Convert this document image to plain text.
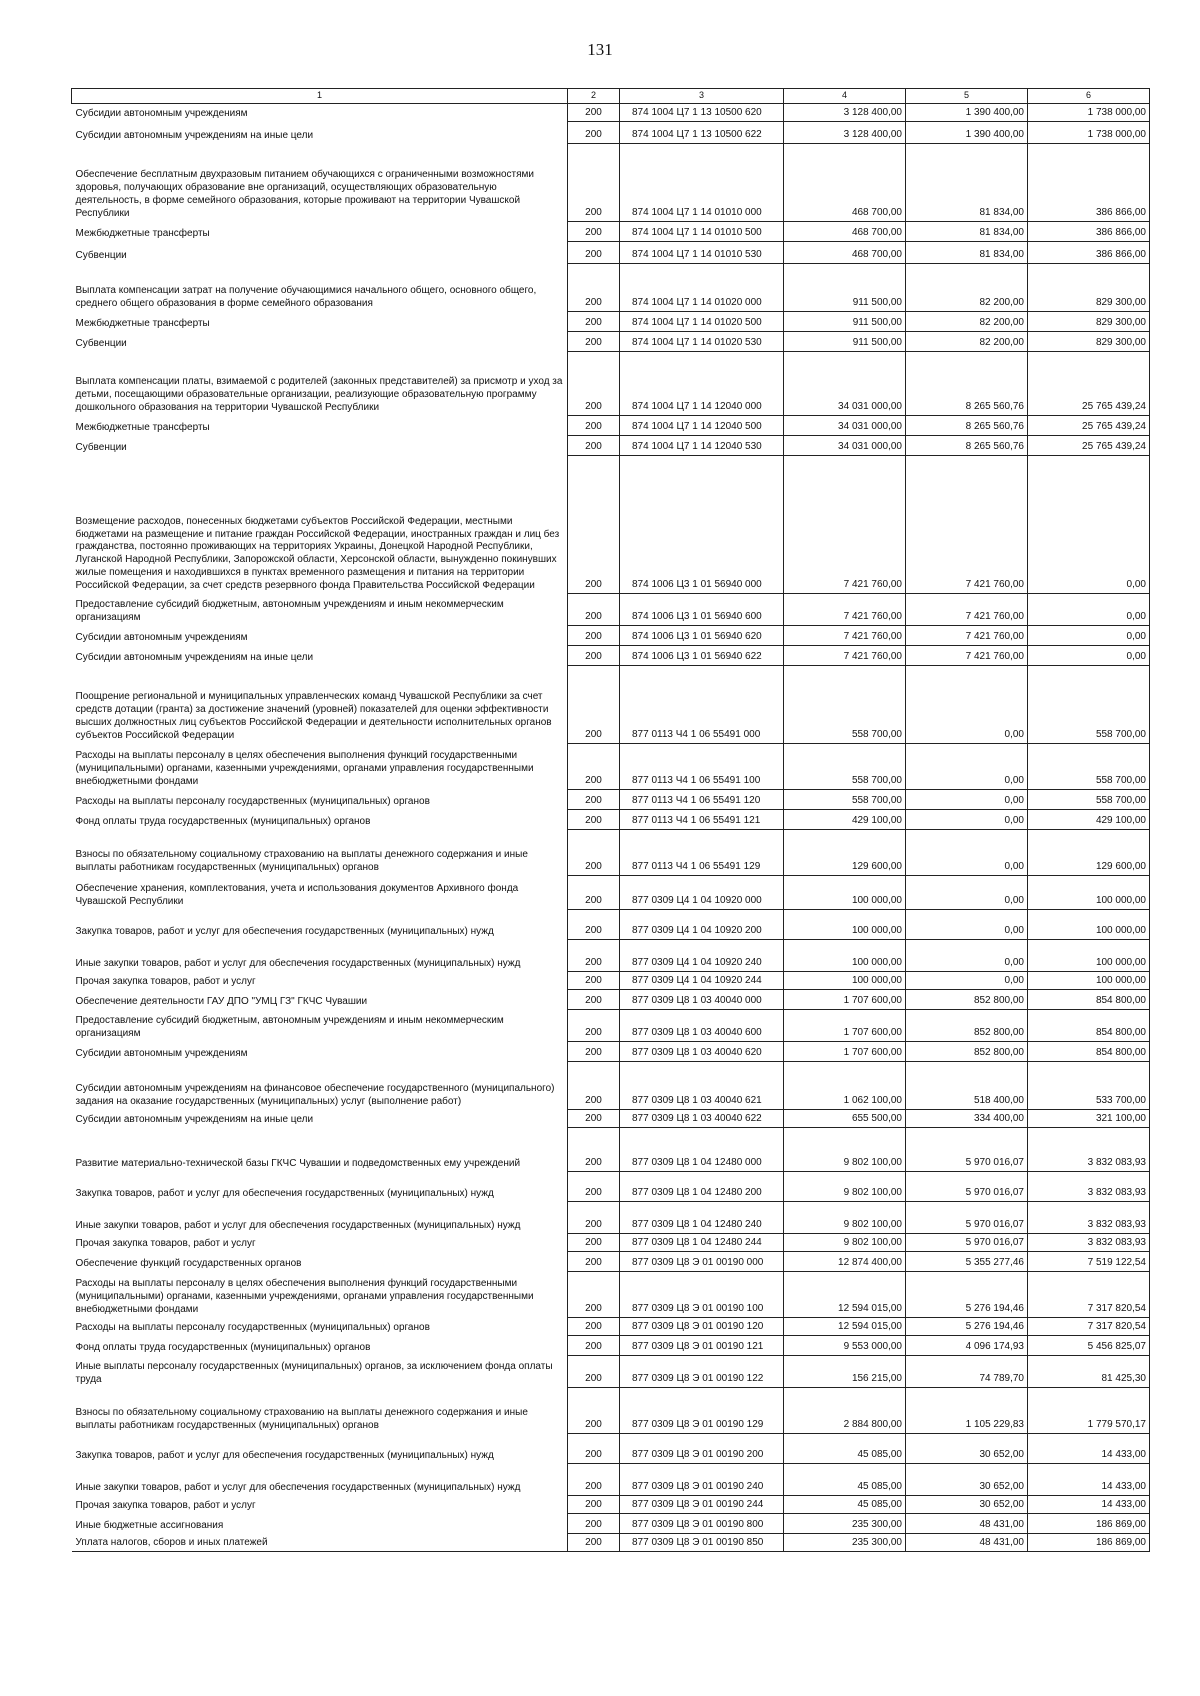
131
1	2	3	4	5	6
Субсидии автономным учреждениям	200	874 1004 Ц7 1 13 10500 620	3 128 400,00	1 390 400,00	1 738 000,00
Субсидии автономным учреждениям на иные цели	200	874 1004 Ц7 1 13 10500 622	3 128 400,00	1 390 400,00	1 738 000,00
Обеспечение бесплатным двухразовым питанием обучающихся с ограниченными возможностями здоровья, получающих образование вне организаций, осуществляющих образовательную деятельность, в форме семейного образования, которые проживают на территории Чувашской Республики	200	874 1004 Ц7 1 14 01010 000	468 700,00	81 834,00	386 866,00
Межбюджетные трансферты	200	874 1004 Ц7 1 14 01010 500	468 700,00	81 834,00	386 866,00
Субвенции	200	874 1004 Ц7 1 14 01010 530	468 700,00	81 834,00	386 866,00
Выплата компенсации затрат на получение обучающимися начального общего, основного общего, среднего общего образования в форме семейного образования	200	874 1004 Ц7 1 14 01020 000	911 500,00	82 200,00	829 300,00
Межбюджетные трансферты	200	874 1004 Ц7 1 14 01020 500	911 500,00	82 200,00	829 300,00
Субвенции	200	874 1004 Ц7 1 14 01020 530	911 500,00	82 200,00	829 300,00
Выплата компенсации платы, взимаемой с родителей (законных представителей) за присмотр и уход за детьми, посещающими образовательные организации, реализующие образовательную программу дошкольного образования на территории Чувашской Республики	200	874 1004 Ц7 1 14 12040 000	34 031 000,00	8 265 560,76	25 765 439,24
Межбюджетные трансферты	200	874 1004 Ц7 1 14 12040 500	34 031 000,00	8 265 560,76	25 765 439,24
Субвенции	200	874 1004 Ц7 1 14 12040 530	34 031 000,00	8 265 560,76	25 765 439,24
Возмещение расходов, понесенных бюджетами субъектов Российской Федерации, местными бюджетами на размещение и питание граждан Российской Федерации, иностранных граждан и лиц без гражданства, постоянно проживающих на территориях Украины, Донецкой Народной Республики, Луганской Народной Республики, Запорожской области, Херсонской области, вынужденно покинувших жилые помещения и находившихся в пунктах временного размещения и питания на территории Российской Федерации, за счет средств резервного фонда Правительства Российской Федерации	200	874 1006 Ц3 1 01 56940 000	7 421 760,00	7 421 760,00	0,00
Предоставление субсидий бюджетным, автономным учреждениям и иным некоммерческим организациям	200	874 1006 Ц3 1 01 56940 600	7 421 760,00	7 421 760,00	0,00
Субсидии автономным учреждениям	200	874 1006 Ц3 1 01 56940 620	7 421 760,00	7 421 760,00	0,00
Субсидии автономным учреждениям на иные цели	200	874 1006 Ц3 1 01 56940 622	7 421 760,00	7 421 760,00	0,00
Поощрение региональной и муниципальных управленческих команд Чувашской Республики за счет средств дотации (гранта) за достижение значений (уровней) показателей для оценки эффективности высших должностных лиц субъектов Российской Федерации и деятельности исполнительных органов субъектов Российской Федерации	200	877 0113 Ч4 1 06 55491 000	558 700,00	0,00	558 700,00
Расходы на выплаты персоналу в целях обеспечения выполнения функций государственными (муниципальными) органами, казенными учреждениями, органами управления государственными внебюджетными фондами	200	877 0113 Ч4 1 06 55491 100	558 700,00	0,00	558 700,00
Расходы на выплаты персоналу государственных (муниципальных) органов	200	877 0113 Ч4 1 06 55491 120	558 700,00	0,00	558 700,00
Фонд оплаты труда государственных (муниципальных) органов	200	877 0113 Ч4 1 06 55491 121	429 100,00	0,00	429 100,00
Взносы по обязательному социальному страхованию на выплаты денежного содержания и иные выплаты работникам государственных (муниципальных) органов	200	877 0113 Ч4 1 06 55491 129	129 600,00	0,00	129 600,00
Обеспечение хранения, комплектования, учета и использования документов Архивного фонда Чувашской Республики	200	877 0309 Ц4 1 04 10920 000	100 000,00	0,00	100 000,00
Закупка товаров, работ и услуг для обеспечения государственных (муниципальных) нужд	200	877 0309 Ц4 1 04 10920 200	100 000,00	0,00	100 000,00
Иные закупки товаров, работ и услуг для обеспечения государственных (муниципальных) нужд	200	877 0309 Ц4 1 04 10920 240	100 000,00	0,00	100 000,00
Прочая закупка товаров, работ и услуг	200	877 0309 Ц4 1 04 10920 244	100 000,00	0,00	100 000,00
Обеспечение деятельности ГАУ ДПО "УМЦ ГЗ" ГКЧС Чувашии	200	877 0309 Ц8 1 03 40040 000	1 707 600,00	852 800,00	854 800,00
Предоставление субсидий бюджетным, автономным учреждениям и иным некоммерческим организациям	200	877 0309 Ц8 1 03 40040 600	1 707 600,00	852 800,00	854 800,00
Субсидии автономным учреждениям	200	877 0309 Ц8 1 03 40040 620	1 707 600,00	852 800,00	854 800,00
Субсидии автономным учреждениям на финансовое обеспечение государственного (муниципального) задания на оказание государственных (муниципальных) услуг (выполнение работ)	200	877 0309 Ц8 1 03 40040 621	1 062 100,00	518 400,00	533 700,00
Субсидии автономным учреждениям на иные цели	200	877 0309 Ц8 1 03 40040 622	655 500,00	334 400,00	321 100,00
Развитие материально-технической базы ГКЧС Чувашии и подведомственных ему учреждений	200	877 0309 Ц8 1 04 12480 000	9 802 100,00	5 970 016,07	3 832 083,93
Закупка товаров, работ и услуг для обеспечения государственных (муниципальных) нужд	200	877 0309 Ц8 1 04 12480 200	9 802 100,00	5 970 016,07	3 832 083,93
Иные закупки товаров, работ и услуг для обеспечения государственных (муниципальных) нужд	200	877 0309 Ц8 1 04 12480 240	9 802 100,00	5 970 016,07	3 832 083,93
Прочая закупка товаров, работ и услуг	200	877 0309 Ц8 1 04 12480 244	9 802 100,00	5 970 016,07	3 832 083,93
Обеспечение функций государственных органов	200	877 0309 Ц8 Э 01 00190 000	12 874 400,00	5 355 277,46	7 519 122,54
Расходы на выплаты персоналу в целях обеспечения выполнения функций государственными (муниципальными) органами, казенными учреждениями, органами управления государственными внебюджетными фондами	200	877 0309 Ц8 Э 01 00190 100	12 594 015,00	5 276 194,46	7 317 820,54
Расходы на выплаты персоналу государственных (муниципальных) органов	200	877 0309 Ц8 Э 01 00190 120	12 594 015,00	5 276 194,46	7 317 820,54
Фонд оплаты труда государственных (муниципальных) органов	200	877 0309 Ц8 Э 01 00190 121	9 553 000,00	4 096 174,93	5 456 825,07
Иные выплаты персоналу государственных (муниципальных) органов, за исключением фонда оплаты труда	200	877 0309 Ц8 Э 01 00190 122	156 215,00	74 789,70	81 425,30
Взносы по обязательному социальному страхованию на выплаты денежного содержания и иные выплаты работникам государственных (муниципальных) органов	200	877 0309 Ц8 Э 01 00190 129	2 884 800,00	1 105 229,83	1 779 570,17
Закупка товаров, работ и услуг для обеспечения государственных (муниципальных) нужд	200	877 0309 Ц8 Э 01 00190 200	45 085,00	30 652,00	14 433,00
Иные закупки товаров, работ и услуг для обеспечения государственных (муниципальных) нужд	200	877 0309 Ц8 Э 01 00190 240	45 085,00	30 652,00	14 433,00
Прочая закупка товаров, работ и услуг	200	877 0309 Ц8 Э 01 00190 244	45 085,00	30 652,00	14 433,00
Иные бюджетные ассигнования	200	877 0309 Ц8 Э 01 00190 800	235 300,00	48 431,00	186 869,00
Уплата налогов, сборов и иных платежей	200	877 0309 Ц8 Э 01 00190 850	235 300,00	48 431,00	186 869,00
